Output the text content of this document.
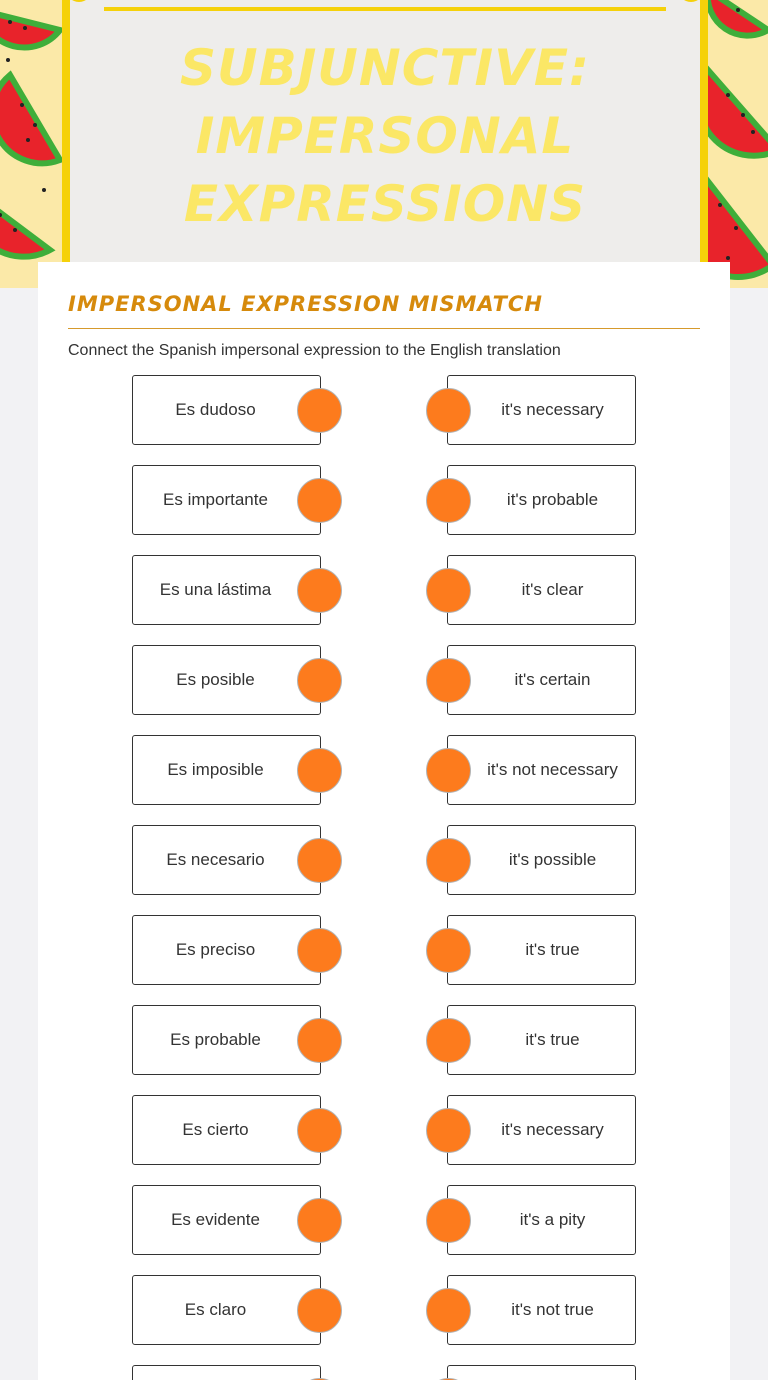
SUBJUNCTIVE: IMPERSONAL EXPRESSIONS
IMPERSONAL EXPRESSION MISMATCH
Connect the Spanish impersonal expression to the English translation
Es dudoso	it's necessary
Es importante	it's probable
Es una lástima	it's clear
Es posible	it's certain
Es imposible	it's not necessary
Es necesario	it's possible
Es preciso	it's true
Es probable	it's true
Es cierto	it's necessary
Es evidente	it's a pity
Es claro	it's not true
